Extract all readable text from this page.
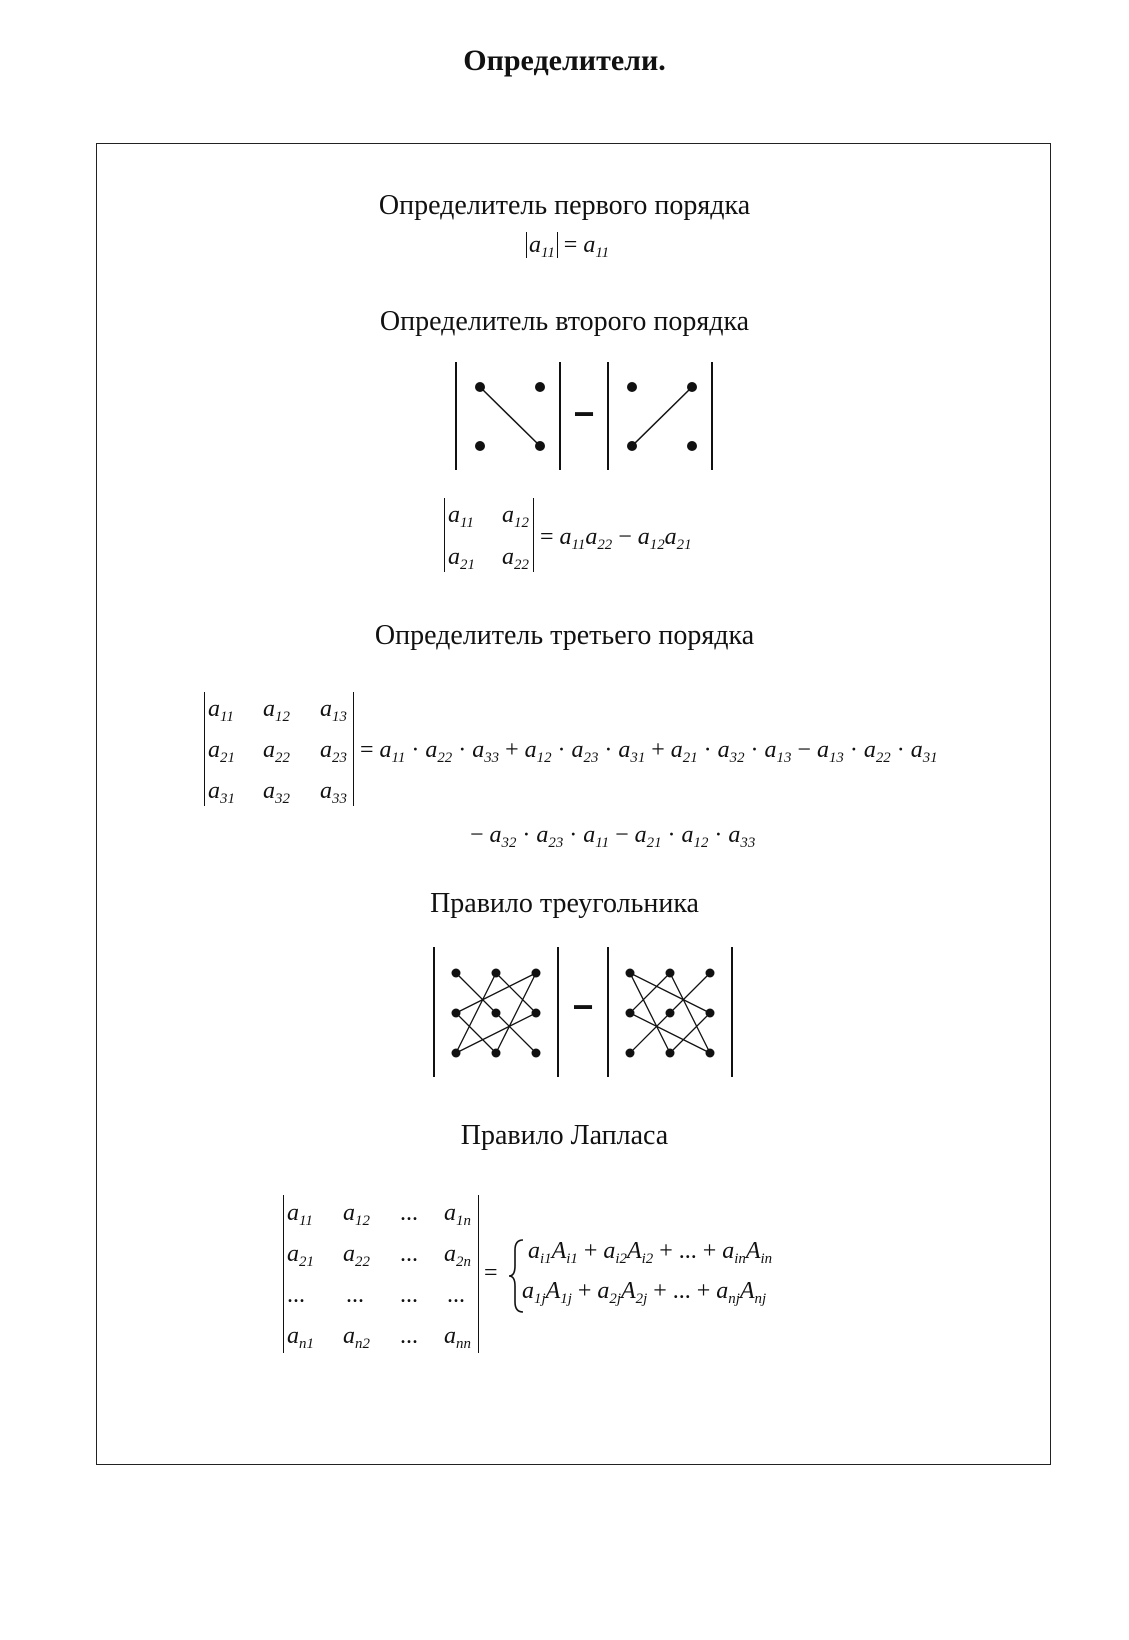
Определители.
Определитель первого порядка
$a_{11} = a_{11}$
Определитель второго порядка
−
$a_{11}$ $a_{12}$
$a_{21}$ $a_{22}$
= $a_{11}a_{22} - a_{12}a_{21}$
Определитель третьего порядка
$a_{11}$ $a_{12}$ $a_{13}$
$a_{21}$ $a_{22}$ $a_{23}$
$a_{31}$ $a_{32}$ $a_{33}$
= $a_{11} \cdot a_{22} \cdot a_{33} + a_{12} \cdot a_{23} \cdot a_{31} + a_{21} \cdot a_{32} \cdot a_{13} - a_{13} \cdot a_{22} \cdot a_{31}$
− $a_{32} \cdot a_{23} \cdot a_{11} - a_{21} \cdot a_{12} \cdot a_{33}$
Правило треугольника
−
Правило Лапласа
$a_{11}$ $a_{12}$ ... $a_{1n}$
$a_{21}$ $a_{22}$ ... $a_{2n}$
... ... ... ...
$a_{n1}$ $a_{n2}$ ... $a_{nn}$
=
$a_{i1}A_{i1} + a_{i2}A_{i2}$ + ... + $a_{in}A_{in}$
$a_{1j}A_{1j} + a_{2j}A_{2j}$ + ... + $a_{nj}A_{nj}$
